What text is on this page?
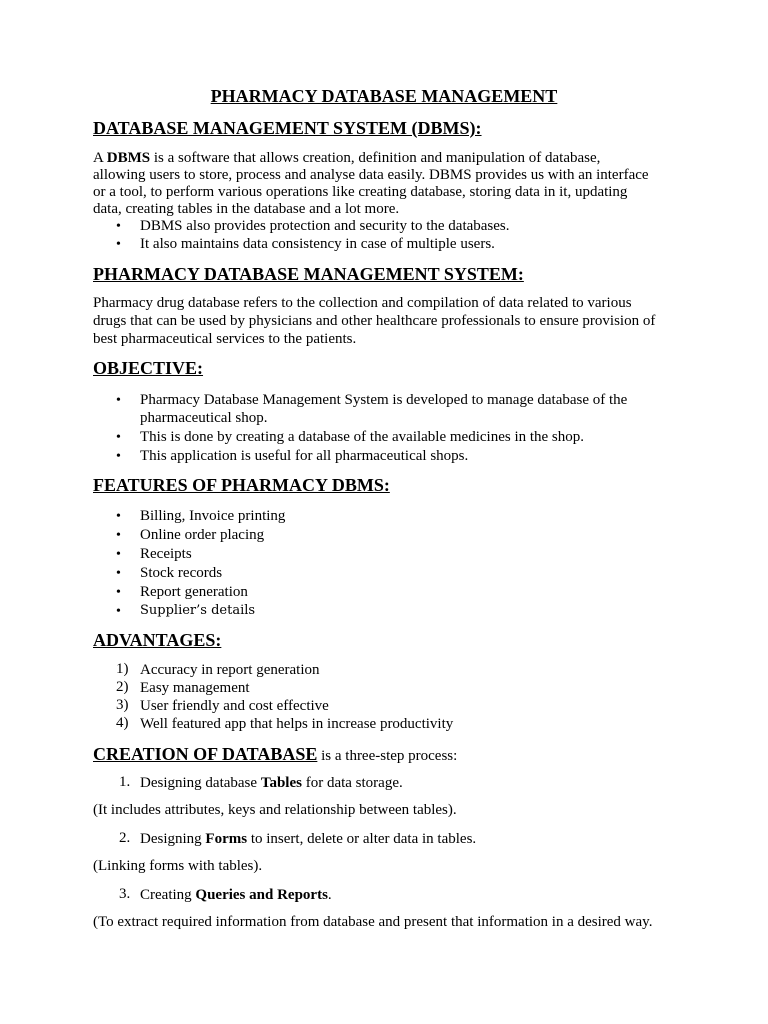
PHARMACY DATABASE MANAGEMENT
DATABASE MANAGEMENT SYSTEM (DBMS):
A DBMS is a software that allows creation, definition and manipulation of database,
allowing users to store, process and analyse data easily. DBMS provides us with an interface
or a tool, to perform various operations like creating database, storing data in it, updating
data, creating tables in the database and a lot more.
• DBMS also provides protection and security to the databases.
• It also maintains data consistency in case of multiple users.
PHARMACY DATABASE MANAGEMENT SYSTEM:
Pharmacy drug database refers to the collection and compilation of data related to various
drugs that can be used by physicians and other healthcare professionals to ensure provision of
best pharmaceutical services to the patients.
OBJECTIVE:
• Pharmacy Database Management System is developed to manage database of the
pharmaceutical shop.
• This is done by creating a database of the available medicines in the shop.
• This application is useful for all pharmaceutical shops.
FEATURES OF PHARMACY DBMS:
• Billing, Invoice printing
• Online order placing
• Receipts
• Stock records
• Report generation
• Supplier’s details
ADVANTAGES:
1) Accuracy in report generation
2) Easy management
3) User friendly and cost effective
4) Well featured app that helps in increase productivity
CREATION OF DATABASE is a three-step process:
1. Designing database Tables for data storage.
(It includes attributes, keys and relationship between tables).
2. Designing Forms to insert, delete or alter data in tables.
(Linking forms with tables).
3. Creating Queries and Reports.
(To extract required information from database and present that information in a desired way.
